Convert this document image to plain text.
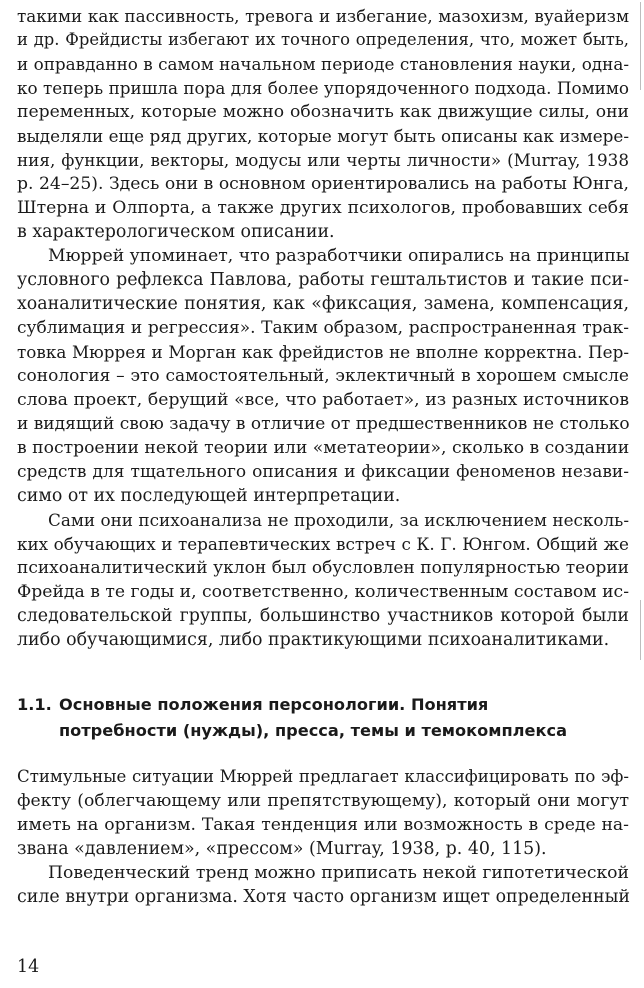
такими как пассивность, тревога и избегание, мазохизм, вуайеризм
и др. Фрейдисты избегают их точного определения, что, может быть,
и оправданно в самом начальном периоде становления науки, одна-
ко теперь пришла пора для более упорядоченного подхода. Помимо
переменных, которые можно обозначить как движущие силы, они
выделяли еще ряд других, которые могут быть описаны как измере-
ния, функции, векторы, модусы или черты личности» (Murray, 1938
p. 24–25). Здесь они в основном ориентировались на работы Юнга,
Штерна и Олпорта, а также других психологов, пробовавших себя
в характерологическом описании.
Мюррей упоминает, что разработчики опирались на принципы
условного рефлекса Павлова, работы гештальтистов и такие пси-
хоаналитические понятия, как «фиксация, замена, компенсация,
сублимация и регрессия». Таким образом, распространенная трак-
товка Мюррея и Морган как фрейдистов не вполне корректна. Пер-
сонология – это самостоятельный, эклектичный в хорошем смысле
слова проект, берущий «все, что работает», из разных источников
и видящий свою задачу в отличие от предшественников не столько
в построении некой теории или «метатеории», сколько в создании
средств для тщательного описания и фиксации феноменов незави-
симо от их последующей интерпретации.
Сами они психоанализа не проходили, за исключением несколь-
ких обучающих и терапевтических встреч с К. Г. Юнгом. Общий же
психоаналитический уклон был обусловлен популярностью теории
Фрейда в те годы и, соответственно, количественным составом ис-
следовательской группы, большинство участников которой были
либо обучающимися, либо практикующими психоаналитиками.
1.1. Основные положения персонологии. Понятия
потребности (нужды), пресса, темы и темокомплекса
Стимульные ситуации Мюррей предлагает классифицировать по эф-
фекту (облегчающему или препятствующему), который они могут
иметь на организм. Такая тенденция или возможность в среде на-
звана «давлением», «прессом» (Murray, 1938, p. 40, 115).
Поведенческий тренд можно приписать некой гипотетической
силе внутри организма. Хотя часто организм ищет определенный
14
